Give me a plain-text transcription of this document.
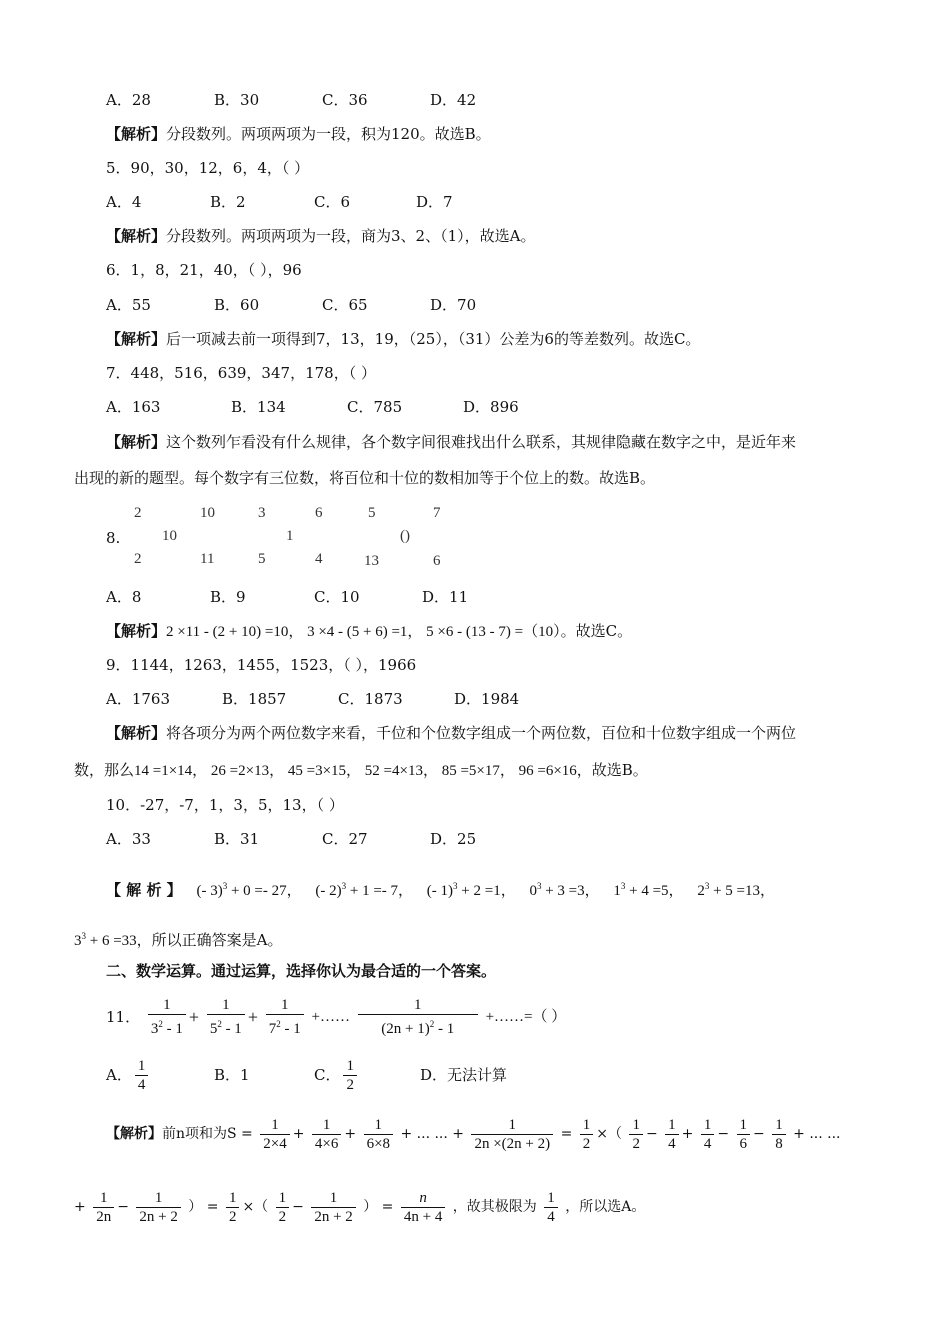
A．28	B．30	C．36	D．42
【解析】分段数列。两项两项为一段，积为120。故选B。
5．90，30，12，6，4，（ ）
A．4	B．2	C．6	D．7
【解析】分段数列。两项两项为一段，商为3、2、（1），故选A。
6．1，8，21，40，（ ），96
A．55	B．60	C．65	D．70
【解析】后一项减去前一项得到7，13，19，（25），（31）公差为6的等差数列。故选C。
7．448，516，639，347，178，（ ）
A．163	B．134	C．785	D．896
【解析】这个数列乍看没有什么规律，各个数字间很难找出什么联系，其规律隐藏在数字之中，是近年来
出现的新的题型。每个数字有三位数，将百位和十位的数相加等于个位上的数。故选B。
2	10	3	6	5	7
8.	10	1	()
2	11	5	4	13	6
A．8	B．9	C．10	D．11
【解析】2 ×11 - (2 + 10) =10， 3 ×4 - (5 + 6) =1， 5 ×6 - (13 - 7) =（10）。故选C。
9．1144，1263，1455，1523，（ ），1966
A．1763	B．1857	C．1873	D．1984
【解析】将各项分为两个两位数字来看，千位和个位数字组成一个两位数，百位和十位数字组成一个两位
数，那么14 =1×14， 26 =2×13， 45 =3×15， 52 =4×13， 85 =5×17， 96 =6×16，故选B。
10．-27，-7，1，3，5，13，（ ）
A．33	B．31	C．27	D．25
【 解 析 】 (- 3)$^3$ + 0 =- 27， (- 2)$^3$ + 1 =- 7， (- 1)$^3$ + 2 =1， $0^3 + 3 =3$， $1^3 + 4 =5$， $2^3 + 5 =13$，
$3^3 + 6 =33$，所以正确答案是A。
二、数学运算。通过运算，选择你认为最合适的一个答案。
11． $\frac{1}{3^2 - 1} + \frac{1}{5^2 - 1} + \frac{1}{7^2 - 1}$ +…… $\frac{1}{(2n + 1)^2 - 1}$ +……=（ ）
A． $\frac{1}{4}$	B．1	C． $\frac{1}{2}$	D．无法计算
【解析】前n项和为$S = \frac{1}{2\times 4} + \frac{1}{4\times 6} + \frac{1}{6\times 8}$ + ... ... + $\frac{1}{2n \times(2n + 2)} = \frac{1}{2}$ ×（ $\frac{1}{2} - \frac{1}{4} + \frac{1}{4} - \frac{1}{6} - \frac{1}{8}$ + ... ...
+ $\frac{1}{2n} - \frac{1}{2n + 2}$ ） = $\frac{1}{2}$ ×（ $\frac{1}{2} - \frac{1}{2n + 2}$ ） = $\frac{n}{4n + 4}$ ，故其极限为 $\frac{1}{4}$ ，所以选A。
